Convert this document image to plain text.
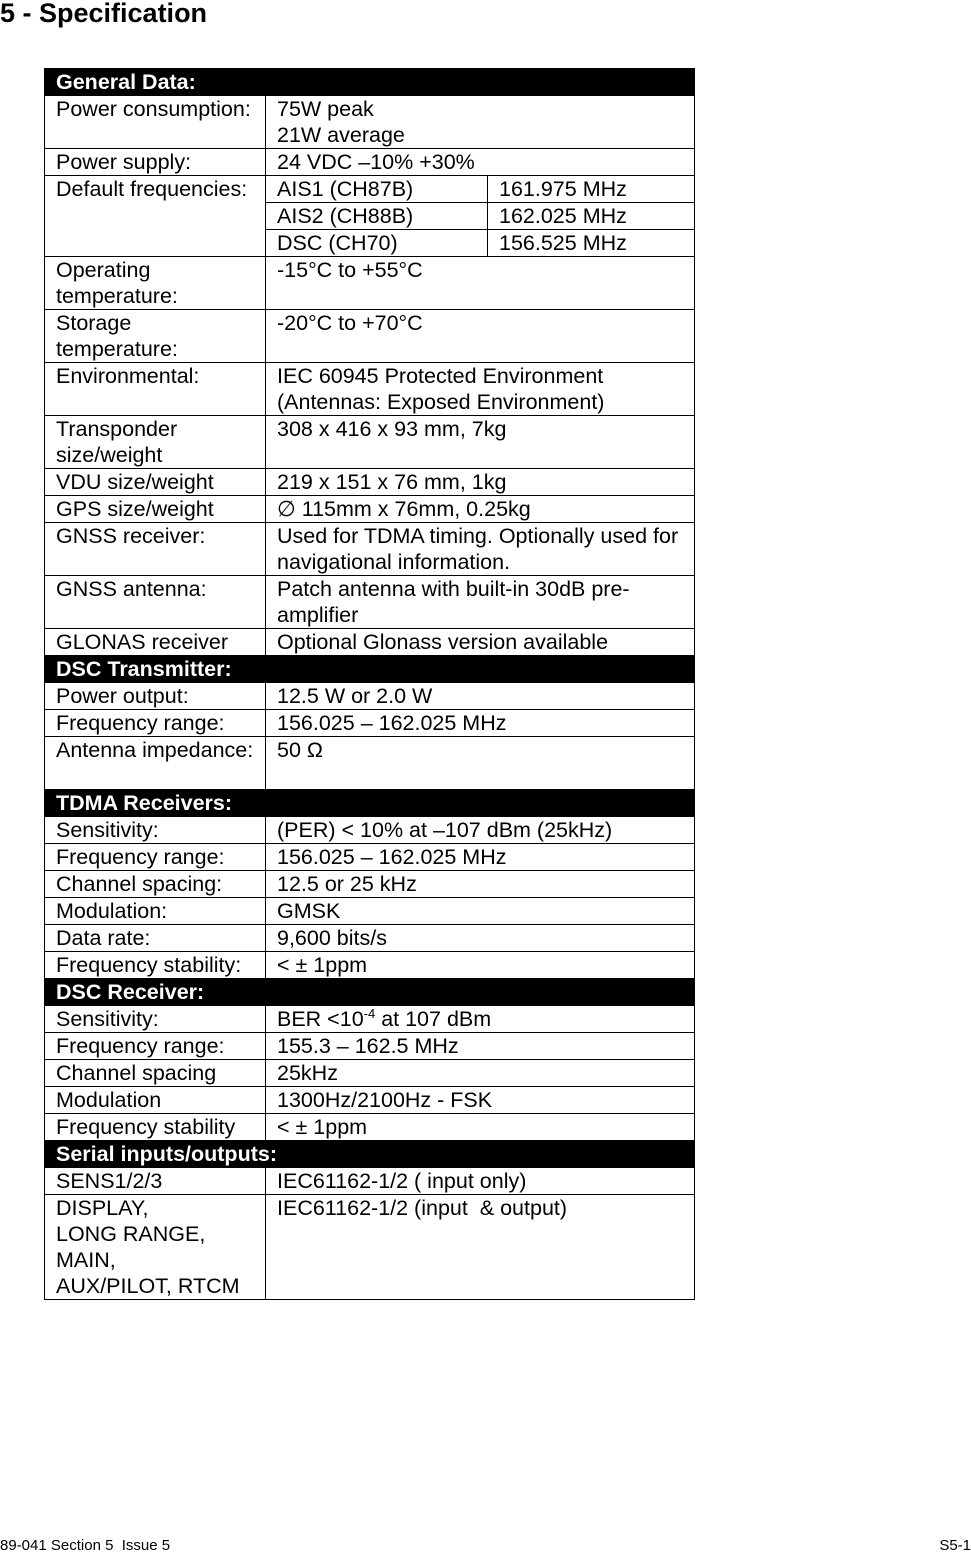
5 - Specification
General Data:		
Power consumption:	75W peak
21W average	

Power supply:	24 VDC –10% +30%	
Default frequencies:	AIS1 (CH87B)	161.975 MHz
	AIS2 (CH88B)	162.025 MHz
	DSC (CH70)	156.525 MHz
Operating temperature:	-15°C to +55°C	
Storage temperature:	-20°C to +70°C	
Environmental:	IEC 60945 Protected Environment (Antennas: Exposed Environment)	
Transponder size/weight	308 x 416 x 93 mm, 7kg	
VDU size/weight	219 x 151 x 76 mm, 1kg	
GPS size/weight	∅ 115mm x 76mm, 0.25kg	
GNSS receiver:	Used for TDMA timing. Optionally used for navigational information.	
GNSS antenna:	Patch antenna with built-in 30dB pre-amplifier	
GLONAS receiver	Optional Glonass version available	
DSC Transmitter:		
Power output:	12.5 W or 2.0 W	
Frequency range:	156.025 – 162.025 MHz	
Antenna impedance:	50 Ω	
TDMA Receivers:		
Sensitivity:	(PER) < 10% at –107 dBm (25kHz)	
Frequency range:	156.025 – 162.025 MHz	
Channel spacing:	12.5 or 25 kHz	
Modulation:	GMSK	
Data rate:	9,600 bits/s	
Frequency stability:	< ± 1ppm	
DSC Receiver:		
Sensitivity:	BER $<10^{-4}$ at 107 dBm	
Frequency range:	155.3 – 162.5 MHz	
Channel spacing	25kHz	
Modulation	1300Hz/2100Hz - FSK	
Frequency stability	< ± 1ppm	
Serial inputs/outputs:		
SENS1/2/3	IEC61162-1/2 ( input only)	

DISPLAY,
LONG RANGE,
MAIN,
AUX/PILOT, RTCM	IEC61162-1/2 (input  & output)	
89-041 Section 5  Issue 5	S5-1
